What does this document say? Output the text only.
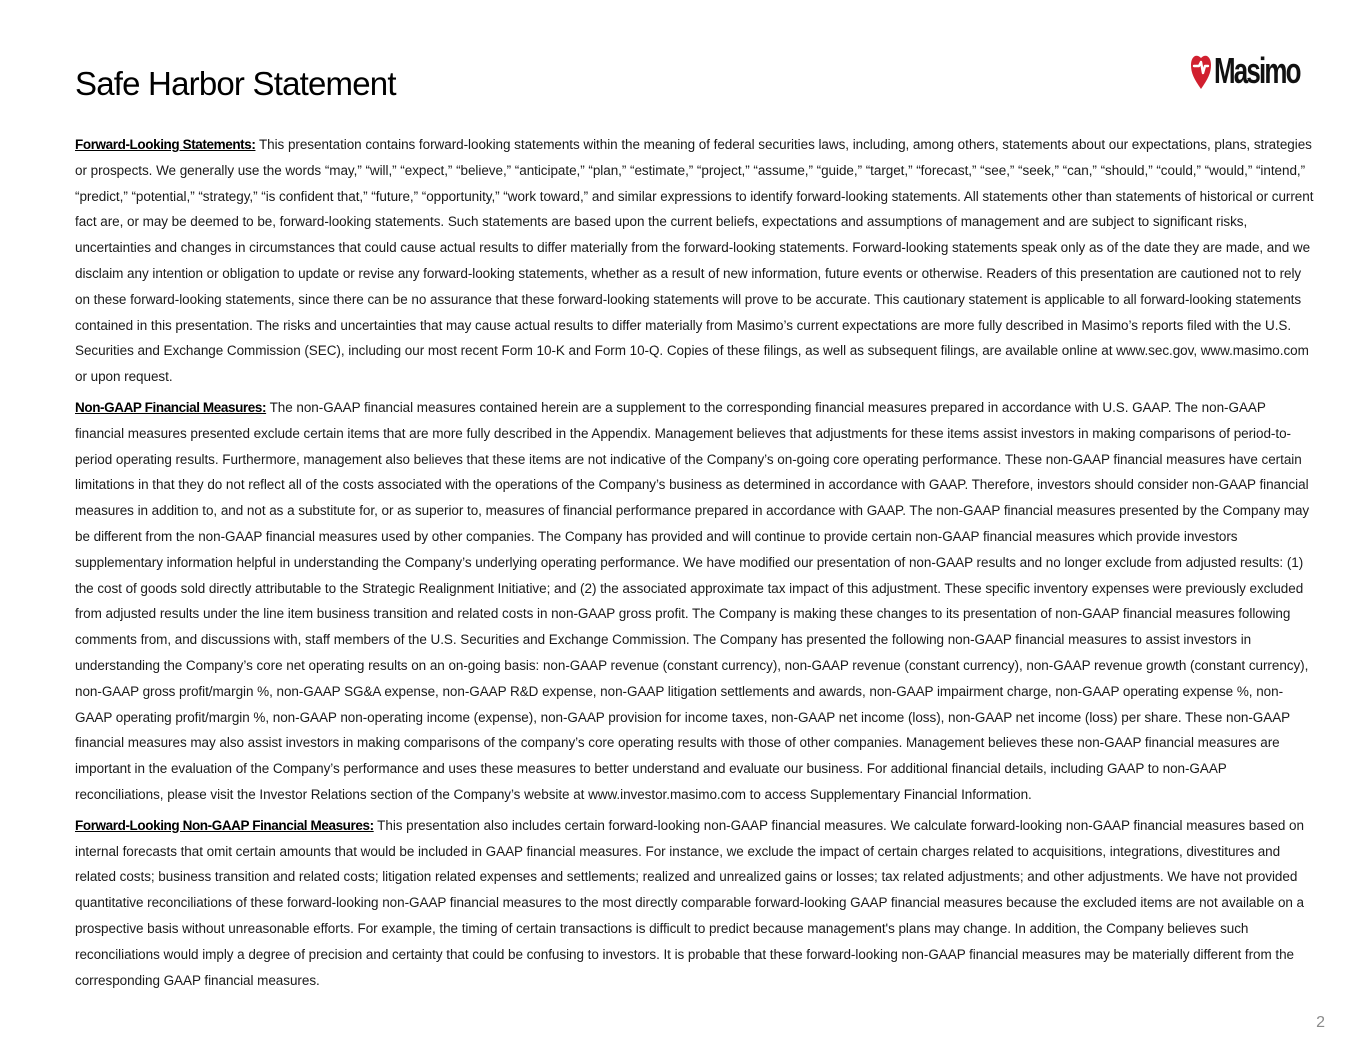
Safe Harbor Statement	Masimo

Forward-Looking Statements: This presentation contains forward-looking statements within the meaning of federal securities laws, including, among others, statements about our expectations, plans, strategies or prospects. We generally use the words “may,” “will,” “expect,” “believe,” “anticipate,” “plan,” “estimate,” “project,” “assume,” “guide,” “target,” “forecast,” “see,” “seek,” “can,” “should,” “could,” “would,” “intend,” “predict,” “potential,” “strategy,” “is confident that,” “future,” “opportunity,” “work toward,” and similar expressions to identify forward-looking statements. All statements other than statements of historical or current fact are, or may be deemed to be, forward-looking statements. Such statements are based upon the current beliefs, expectations and assumptions of management and are subject to significant risks, uncertainties and changes in circumstances that could cause actual results to differ materially from the forward-looking statements. Forward-looking statements speak only as of the date they are made, and we disclaim any intention or obligation to update or revise any forward-looking statements, whether as a result of new information, future events or otherwise. Readers of this presentation are cautioned not to rely on these forward-looking statements, since there can be no assurance that these forward-looking statements will prove to be accurate. This cautionary statement is applicable to all forward-looking statements contained in this presentation. The risks and uncertainties that may cause actual results to differ materially from Masimo’s current expectations are more fully described in Masimo’s reports filed with the U.S. Securities and Exchange Commission (SEC), including our most recent Form 10-K and Form 10-Q. Copies of these filings, as well as subsequent filings, are available online at www.sec.gov, www.masimo.com or upon request.

Non-GAAP Financial Measures: The non-GAAP financial measures contained herein are a supplement to the corresponding financial measures prepared in accordance with U.S. GAAP. The non-GAAP financial measures presented exclude certain items that are more fully described in the Appendix. Management believes that adjustments for these items assist investors in making comparisons of period-to-period operating results. Furthermore, management also believes that these items are not indicative of the Company’s on-going core operating performance. These non-GAAP financial measures have certain limitations in that they do not reflect all of the costs associated with the operations of the Company’s business as determined in accordance with GAAP. Therefore, investors should consider non-GAAP financial measures in addition to, and not as a substitute for, or as superior to, measures of financial performance prepared in accordance with GAAP. The non-GAAP financial measures presented by the Company may be different from the non-GAAP financial measures used by other companies. The Company has provided and will continue to provide certain non-GAAP financial measures which provide investors supplementary information helpful in understanding the Company’s underlying operating performance. We have modified our presentation of non-GAAP results and no longer exclude from adjusted results: (1) the cost of goods sold directly attributable to the Strategic Realignment Initiative; and (2) the associated approximate tax impact of this adjustment. These specific inventory expenses were previously excluded from adjusted results under the line item business transition and related costs in non-GAAP gross profit. The Company is making these changes to its presentation of non-GAAP financial measures following comments from, and discussions with, staff members of the U.S. Securities and Exchange Commission. The Company has presented the following non-GAAP financial measures to assist investors in understanding the Company’s core net operating results on an on-going basis: non-GAAP revenue (constant currency), non-GAAP revenue (constant currency), non-GAAP revenue growth (constant currency), non-GAAP gross profit/margin %, non-GAAP SG&A expense, non-GAAP R&D expense, non-GAAP litigation settlements and awards, non-GAAP impairment charge, non-GAAP operating expense %, non-GAAP operating profit/margin %, non-GAAP non-operating income (expense), non-GAAP provision for income taxes, non-GAAP net income (loss), non-GAAP net income (loss) per share. These non-GAAP financial measures may also assist investors in making comparisons of the company’s core operating results with those of other companies. Management believes these non-GAAP financial measures are important in the evaluation of the Company’s performance and uses these measures to better understand and evaluate our business. For additional financial details, including GAAP to non-GAAP reconciliations, please visit the Investor Relations section of the Company’s website at www.investor.masimo.com to access Supplementary Financial Information.

Forward-Looking Non-GAAP Financial Measures: This presentation also includes certain forward-looking non-GAAP financial measures. We calculate forward-looking non-GAAP financial measures based on internal forecasts that omit certain amounts that would be included in GAAP financial measures. For instance, we exclude the impact of certain charges related to acquisitions, integrations, divestitures and related costs; business transition and related costs; litigation related expenses and settlements; realized and unrealized gains or losses; tax related adjustments; and other adjustments. We have not provided quantitative reconciliations of these forward-looking non-GAAP financial measures to the most directly comparable forward-looking GAAP financial measures because the excluded items are not available on a prospective basis without unreasonable efforts. For example, the timing of certain transactions is difficult to predict because management's plans may change. In addition, the Company believes such reconciliations would imply a degree of precision and certainty that could be confusing to investors. It is probable that these forward-looking non-GAAP financial measures may be materially different from the corresponding GAAP financial measures.

2
